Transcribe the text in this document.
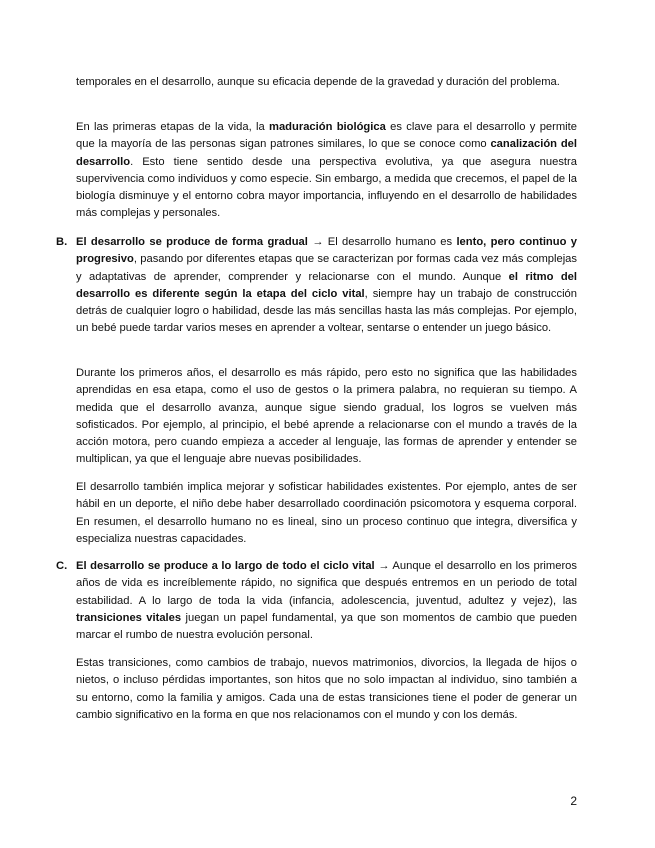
temporales en el desarrollo, aunque su eficacia depende de la gravedad y duración del problema.

En las primeras etapas de la vida, la maduración biológica es clave para el desarrollo y permite que la mayoría de las personas sigan patrones similares, lo que se conoce como canalización del desarrollo. Esto tiene sentido desde una perspectiva evolutiva, ya que asegura nuestra supervivencia como individuos y como especie. Sin embargo, a medida que crecemos, el papel de la biología disminuye y el entorno cobra mayor importancia, influyendo en el desarrollo de habilidades más complejas y personales.

B. El desarrollo se produce de forma gradual → El desarrollo humano es lento, pero continuo y progresivo, pasando por diferentes etapas que se caracterizan por formas cada vez más complejas y adaptativas de aprender, comprender y relacionarse con el mundo. Aunque el ritmo del desarrollo es diferente según la etapa del ciclo vital, siempre hay un trabajo de construcción detrás de cualquier logro o habilidad, desde las más sencillas hasta las más complejas. Por ejemplo, un bebé puede tardar varios meses en aprender a voltear, sentarse o entender un juego básico.

Durante los primeros años, el desarrollo es más rápido, pero esto no significa que las habilidades aprendidas en esa etapa, como el uso de gestos o la primera palabra, no requieran su tiempo. A medida que el desarrollo avanza, aunque sigue siendo gradual, los logros se vuelven más sofisticados. Por ejemplo, al principio, el bebé aprende a relacionarse con el mundo a través de la acción motora, pero cuando empieza a acceder al lenguaje, las formas de aprender y entender se multiplican, ya que el lenguaje abre nuevas posibilidades.

El desarrollo también implica mejorar y sofisticar habilidades existentes. Por ejemplo, antes de ser hábil en un deporte, el niño debe haber desarrollado coordinación psicomotora y esquema corporal. En resumen, el desarrollo humano no es lineal, sino un proceso continuo que integra, diversifica y especializa nuestras capacidades.

C. El desarrollo se produce a lo largo de todo el ciclo vital → Aunque el desarrollo en los primeros años de vida es increíblemente rápido, no significa que después entremos en un periodo de total estabilidad. A lo largo de toda la vida (infancia, adolescencia, juventud, adultez y vejez), las transiciones vitales juegan un papel fundamental, ya que son momentos de cambio que pueden marcar el rumbo de nuestra evolución personal.

Estas transiciones, como cambios de trabajo, nuevos matrimonios, divorcios, la llegada de hijos o nietos, o incluso pérdidas importantes, son hitos que no solo impactan al individuo, sino también a su entorno, como la familia y amigos. Cada una de estas transiciones tiene el poder de generar un cambio significativo en la forma en que nos relacionamos con el mundo y con los demás.

2
